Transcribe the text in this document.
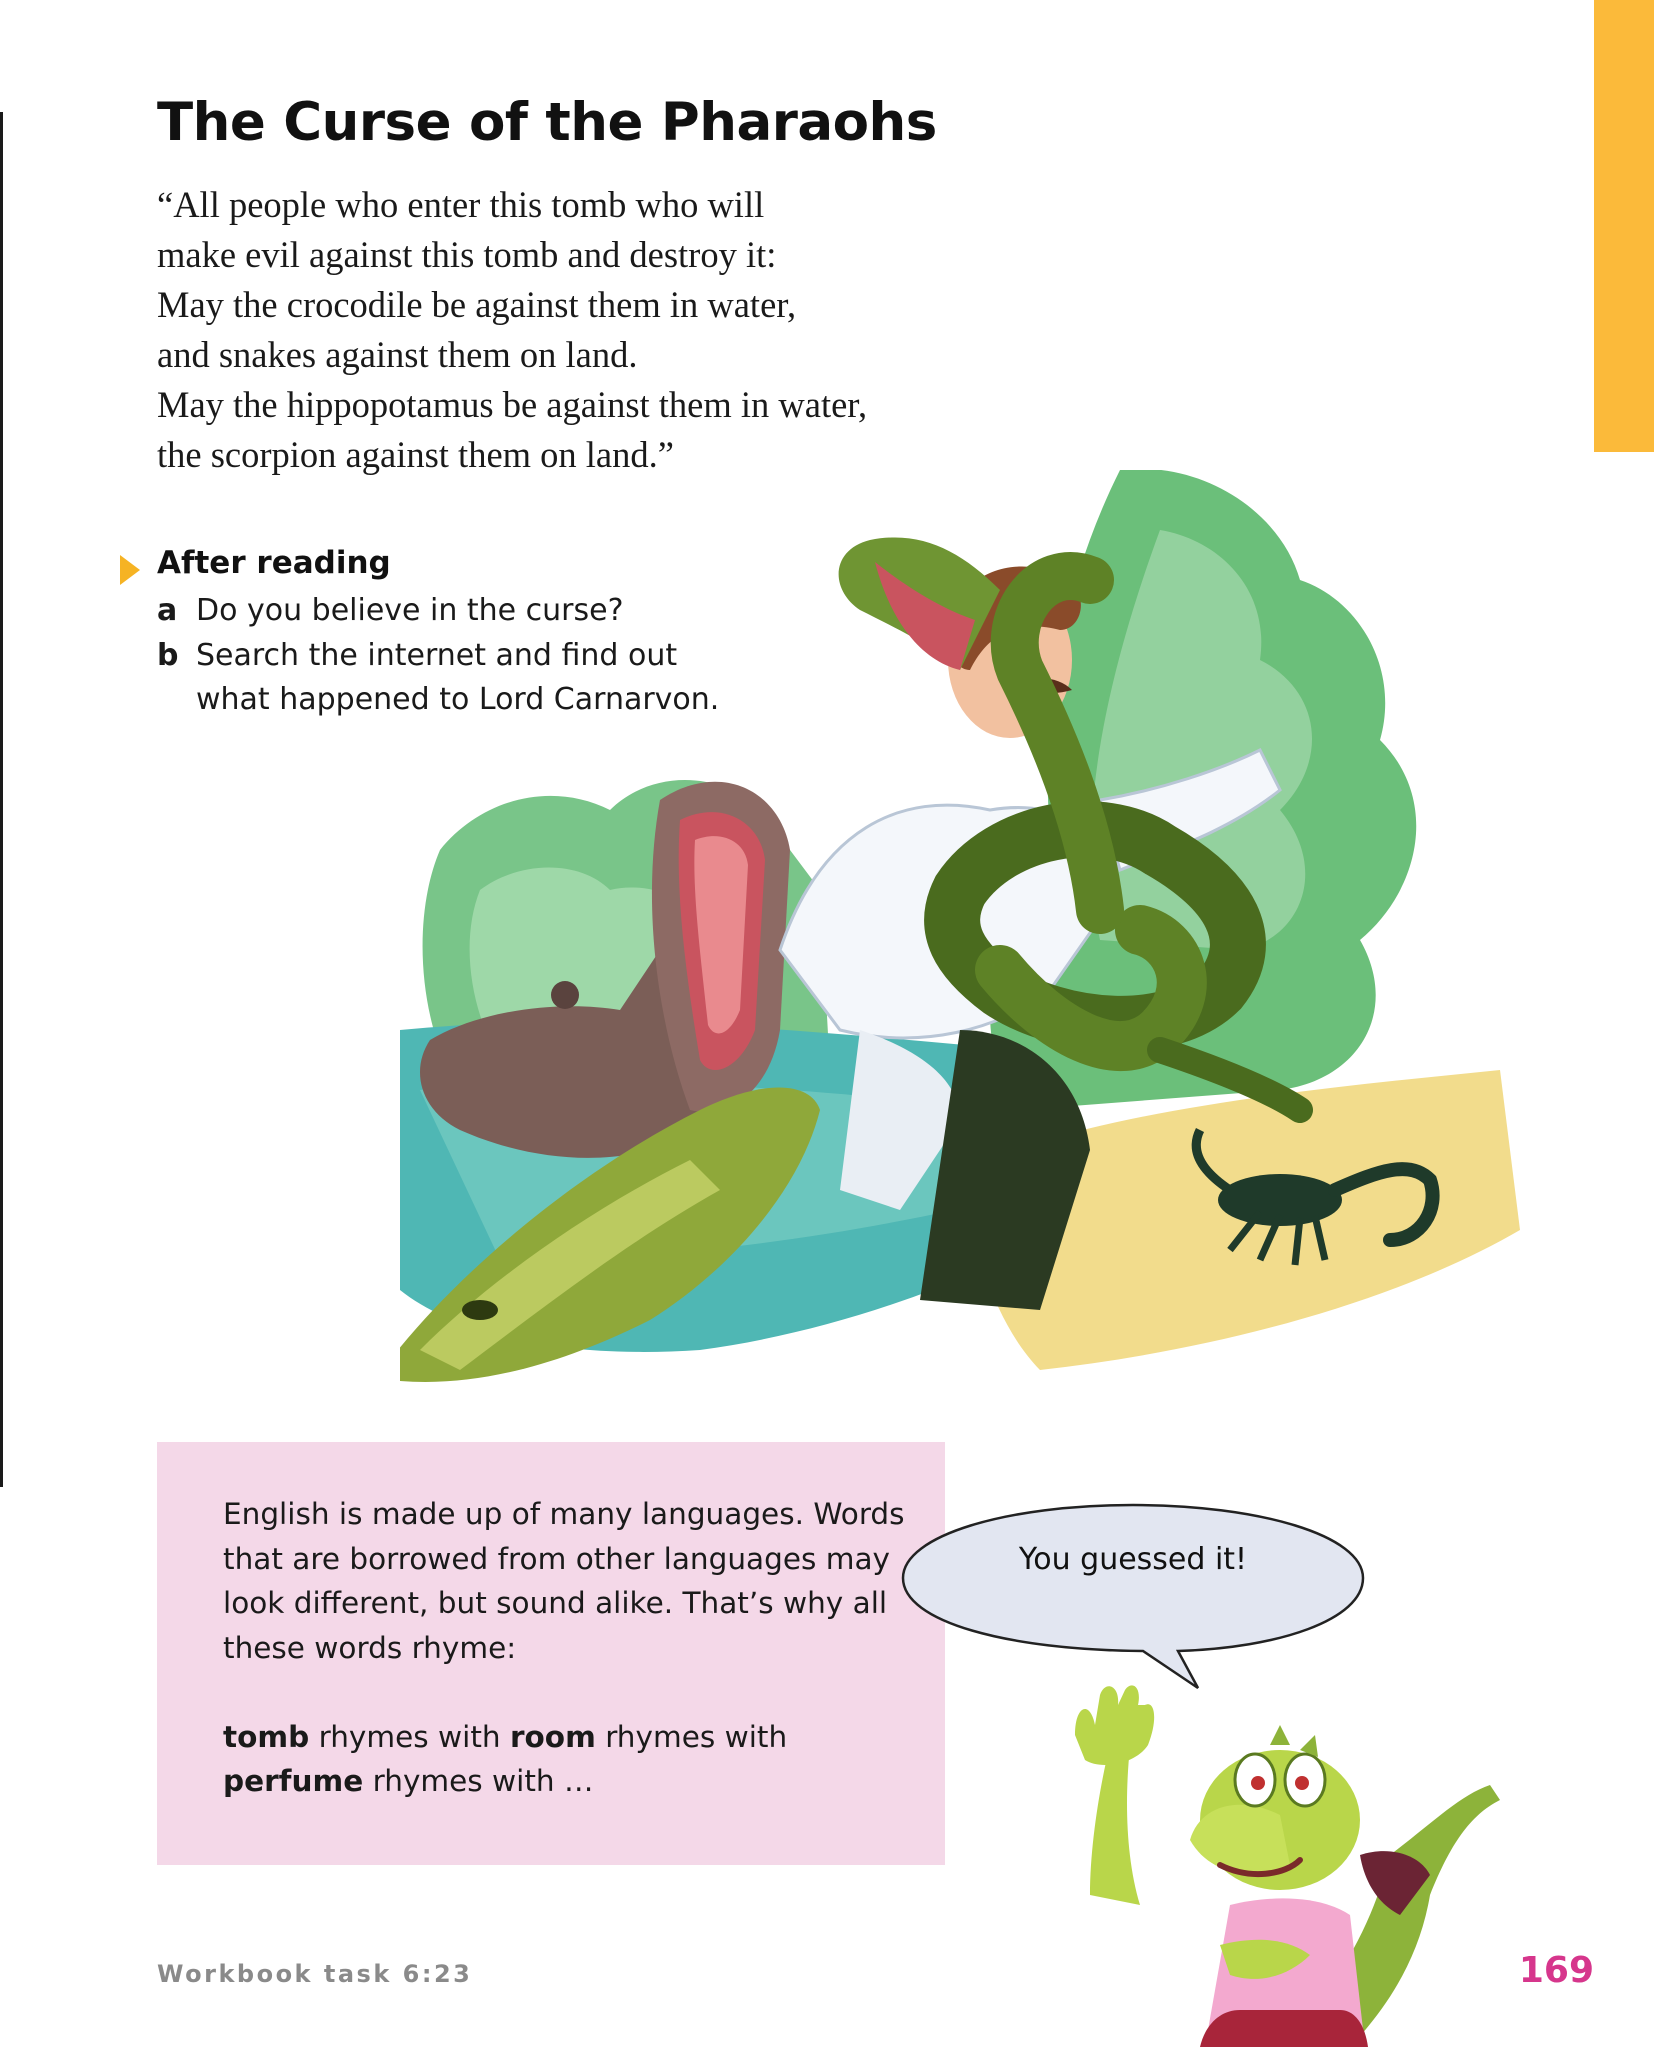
The Curse of the Pharaohs
“All people who enter this tomb who will
make evil against this tomb and destroy it:
May the crocodile be against them in water,
and snakes against them on land.
May the hippopotamus be against them in water,
the scorpion against them on land.”
After reading
a Do you believe in the curse?
b Search the internet and find out
what happened to Lord Carnarvon.

English is made up of many languages. Words
that are borrowed from other languages may
look different, but sound alike. That’s why all
these words rhyme:

tomb rhymes with room rhymes with
perfume rhymes with …

You guessed it!
Workbook task 6:23	169
